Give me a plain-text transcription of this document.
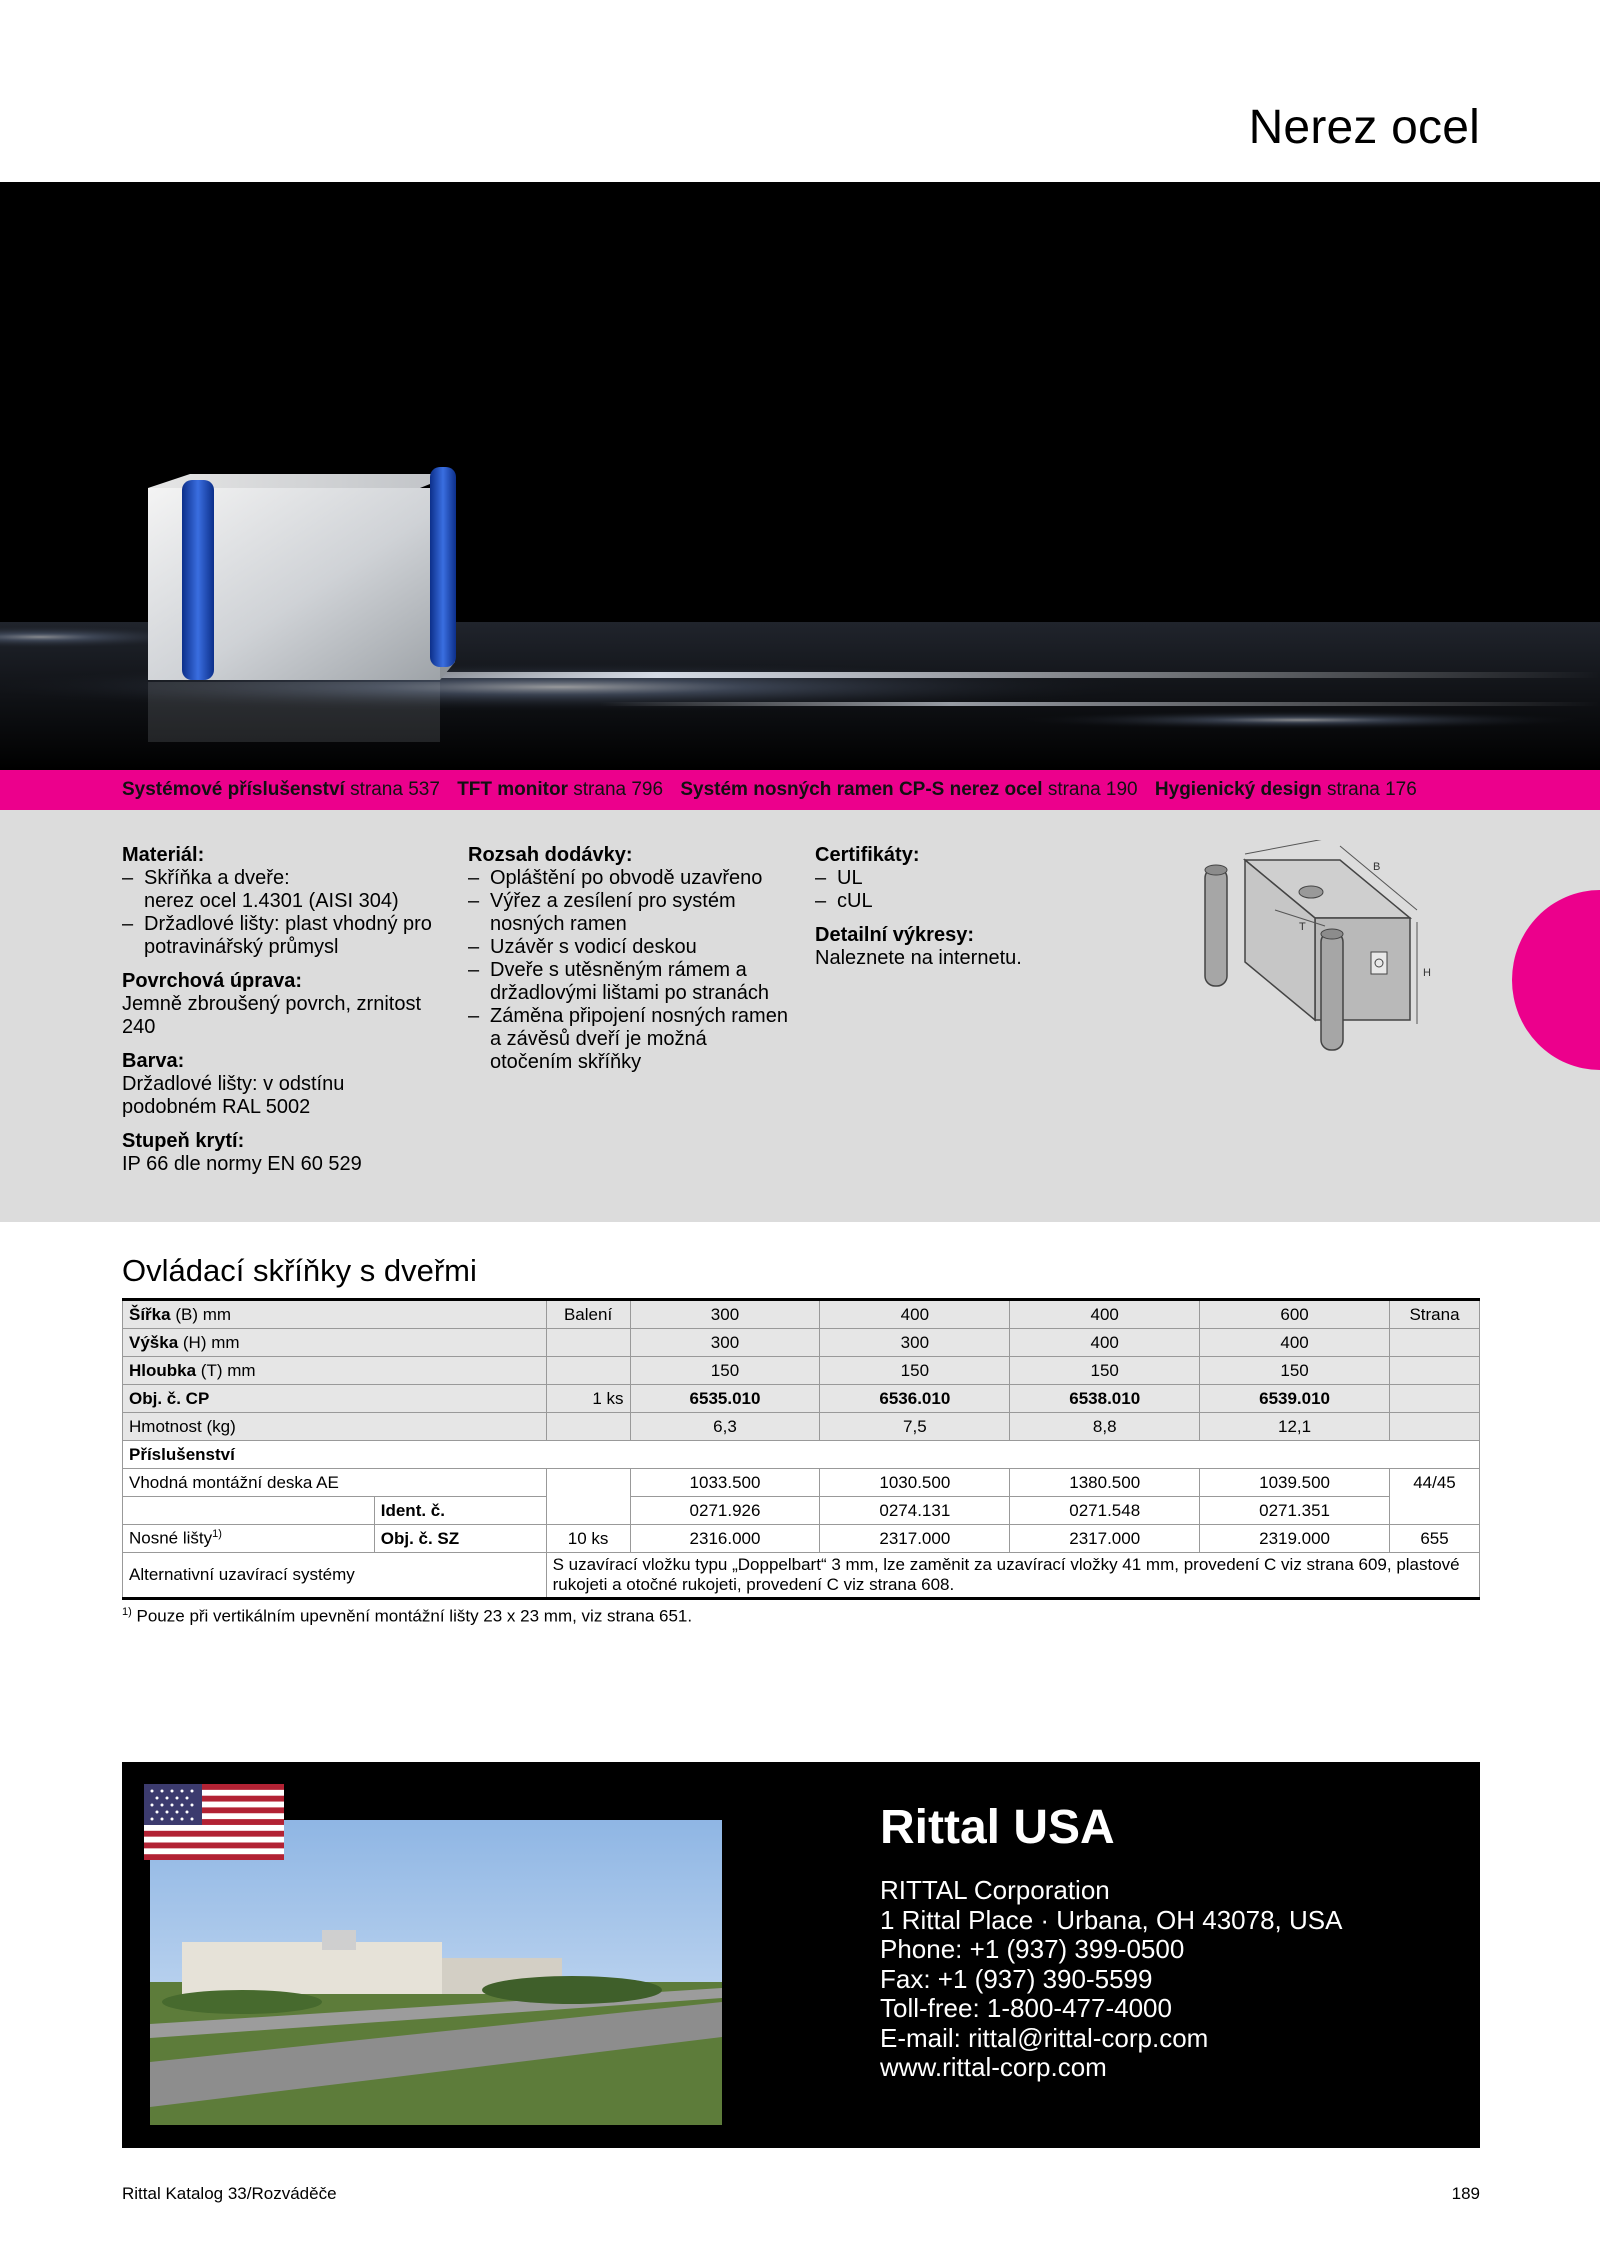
Nerez ocel
Systémové příslušenství strana 537 TFT monitor strana 796 Systém nosných ramen CP-S nerez ocel strana 190 Hygienický design strana 176
Materiál:
– Skříňka a dveře:
nerez ocel 1.4301 (AISI 304)
– Držadlové lišty: plast vhodný pro potravinářský průmysl
Povrchová úprava:

Jemně zbroušený povrch, zrnitost 240

Barva:

Držadlové lišty: v odstínu podobném RAL 5002

Stupeň krytí:

IP 66 dle normy EN 60 529

Rozsah dodávky:
– Opláštění po obvodě uzavřeno
– Výřez a zesílení pro systém nosných ramen
– Uzávěr s vodicí deskou
– Dveře s utěsněným rámem a držadlovými lištami po stranách
– Záměna připojení nosných ramen a závěsů dveří je možná otočením skříňky
Certifikáty:
– UL
– cUL
Detailní výkresy:

Naleznete na internetu.

B
T
H
Ovládací skříňky s dveřmi
Šířka (B) mm		Balení	300	400	400	600	Strana
Výška (H) mm			300	300	400	400	
Hloubka (T) mm			150	150	150	150	
Obj. č. CP		1 ks	6535.010	6536.010	6538.010	6539.010	
Hmotnost (kg)			6,3	7,5	8,8	12,1	
Příslušenství							
Vhodná montážní deska AE			1033.500	1030.500	1380.500	1039.500	44/45
	Ident. č.		0271.926	0274.131	0271.548	0271.351	
Nosné lišty$^{1)}$	Obj. č. SZ	10 ks	2316.000	2317.000	2317.000	2319.000	655
Alternativní uzavírací systémy		S uzavírací vložku typu „Doppelbart“ 3 mm, lze zaměnit za uzavírací vložky 41 mm, provedení C viz strana 609, plastové rukojeti a otočné rukojeti, provedení C viz strana 608.					
$^{1)}$ Pouze při vertikálním upevnění montážní lišty 23 x 23 mm, viz strana 651.
Rittal USA
RITTAL Corporation
1 Rittal Place · Urbana, OH 43078, USA
Phone: +1 (937) 399-0500
Fax: +1 (937) 390-5599
Toll-free: 1-800-477-4000
E-mail: rittal@rittal-corp.com
www.rittal-corp.com
Rittal Katalog 33/Rozváděče	189
